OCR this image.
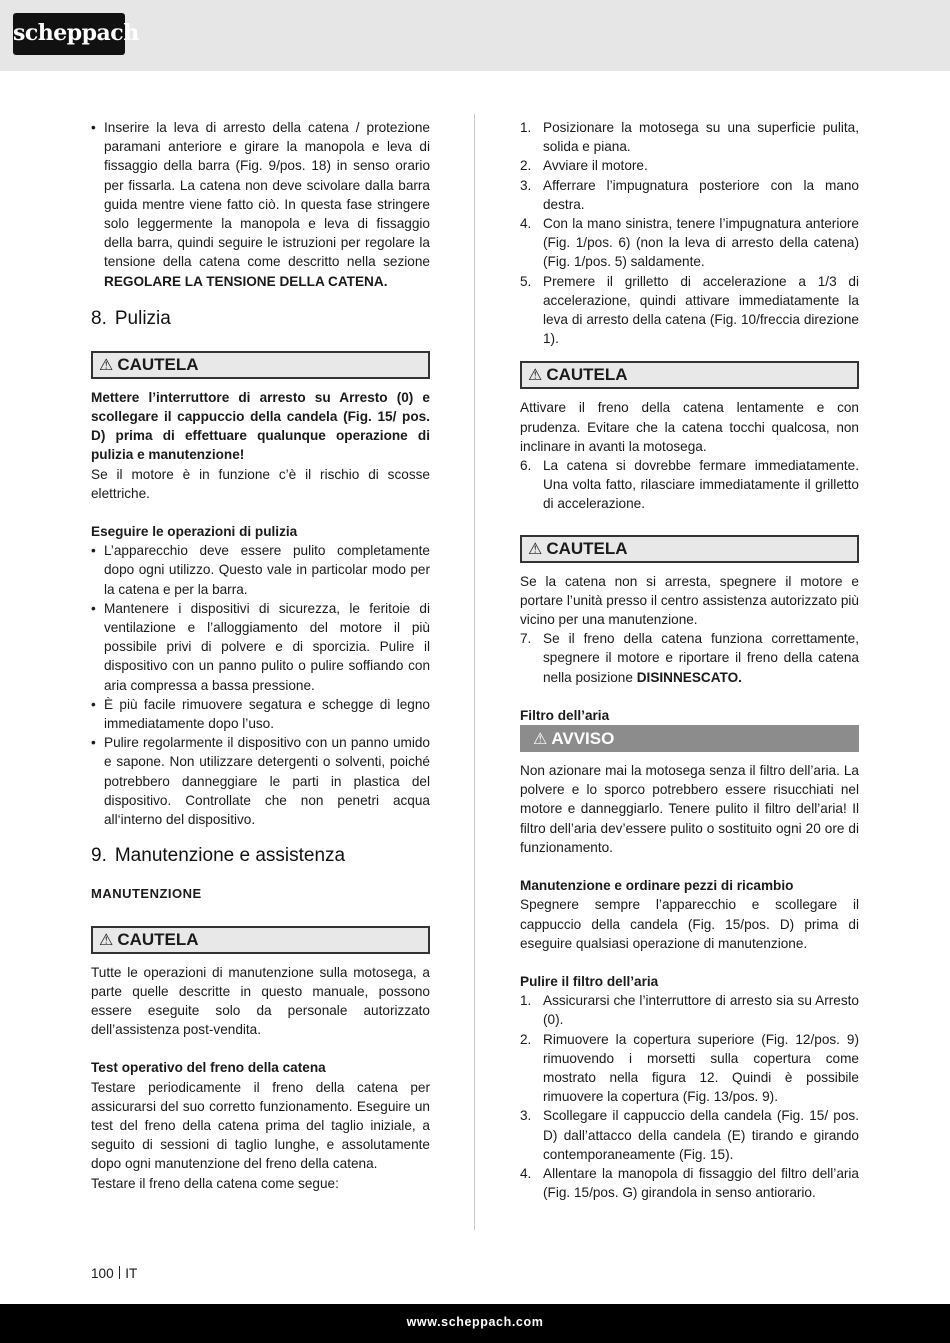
scheppach
• Inserire la leva di arresto della catena / protezione paramani anteriore e girare la manopola e leva di fissaggio della barra (Fig. 9/pos. 18) in senso orario per fissarla. La catena non deve scivolare dalla barra guida mentre viene fatto ciò. In questa fase stringere solo leggermente la manopola e leva di fissaggio della barra, quindi seguire le istruzioni per regolare la tensione della catena come descritto nella sezione REGOLARE LA TENSIONE DELLA CATENA.
8. Pulizia
⚠ CAUTELA

Mettere l’interruttore di arresto su Arresto (0) e scollegare il cappuccio della candela (Fig. 15/ pos. D) prima di effettuare qualunque operazione di pulizia e manutenzione!

Se il motore è in funzione c’è il rischio di scosse elettriche.

Eseguire le operazioni di pulizia

• L’apparecchio deve essere pulito completamente dopo ogni utilizzo. Questo vale in particolar modo per la catena e per la barra.
• Mantenere i dispositivi di sicurezza, le feritoie di ventilazione e l’alloggiamento del motore il più possibile privi di polvere e di sporcizia. Pulire il dispositivo con un panno pulito o pulire soffiando con aria compressa a bassa pressione.
• È più facile rimuovere segatura e schegge di legno immediatamente dopo l’uso.
• Pulire regolarmente il dispositivo con un panno umido e sapone. Non utilizzare detergenti o solventi, poiché potrebbero danneggiare le parti in plastica del dispositivo. Controllate che non penetri acqua all‘interno del dispositivo.
9. Manutenzione e assistenza

MANUTENZIONE

⚠ CAUTELA

Tutte le operazioni di manutenzione sulla motosega, a parte quelle descritte in questo manuale, possono essere eseguite solo da personale autorizzato dell’assistenza post-vendita.

Test operativo del freno della catena

Testare periodicamente il freno della catena per assicurarsi del suo corretto funzionamento. Eseguire un test del freno della catena prima del taglio iniziale, a seguito di sessioni di taglio lunghe, e assolutamente dopo ogni manutenzione del freno della catena.

Testare il freno della catena come segue:

1. Posizionare la motosega su una superficie pulita, solida e piana.
2. Avviare il motore.
3. Afferrare l’impugnatura posteriore con la mano destra.
4. Con la mano sinistra, tenere l’impugnatura anteriore (Fig. 1/pos. 6) (non la leva di arresto della catena) (Fig. 1/pos. 5) saldamente.
5. Premere il grilletto di accelerazione a 1/3 di accelerazione, quindi attivare immediatamente la leva di arresto della catena (Fig. 10/freccia direzione 1).
⚠ CAUTELA

Attivare il freno della catena lentamente e con prudenza. Evitare che la catena tocchi qualcosa, non inclinare in avanti la motosega.

6. La catena si dovrebbe fermare immediatamente. Una volta fatto, rilasciare immediatamente il grilletto di accelerazione.
⚠ CAUTELA

Se la catena non si arresta, spegnere il motore e portare l’unità presso il centro assistenza autorizzato più vicino per una manutenzione.

7. Se il freno della catena funziona correttamente, spegnere il motore e riportare il freno della catena nella posizione DISINNESCATO.

Filtro dell’aria

⚠ AVVISO

Non azionare mai la motosega senza il filtro dell’aria. La polvere e lo sporco potrebbero essere risucchiati nel motore e danneggiarlo. Tenere pulito il filtro dell’aria! Il filtro dell’aria dev’essere pulito o sostituito ogni 20 ore di funzionamento.

Manutenzione e ordinare pezzi di ricambio

Spegnere sempre l’apparecchio e scollegare il cappuccio della candela (Fig. 15/pos. D) prima di eseguire qualsiasi operazione di manutenzione.

Pulire il filtro dell’aria

1. Assicurarsi che l’interruttore di arresto sia su Arresto (0).
2. Rimuovere la copertura superiore (Fig. 12/pos. 9) rimuovendo i morsetti sulla copertura come mostrato nella figura 12. Quindi è possibile rimuovere la copertura (Fig. 13/pos. 9).
3. Scollegare il cappuccio della candela (Fig. 15/ pos. D) dall’attacco della candela (E) tirando e girando contemporaneamente (Fig. 15).
4. Allentare la manopola di fissaggio del filtro dell’aria (Fig. 15/pos. G) girandola in senso antiorario.
100 IT
www.scheppach.com
